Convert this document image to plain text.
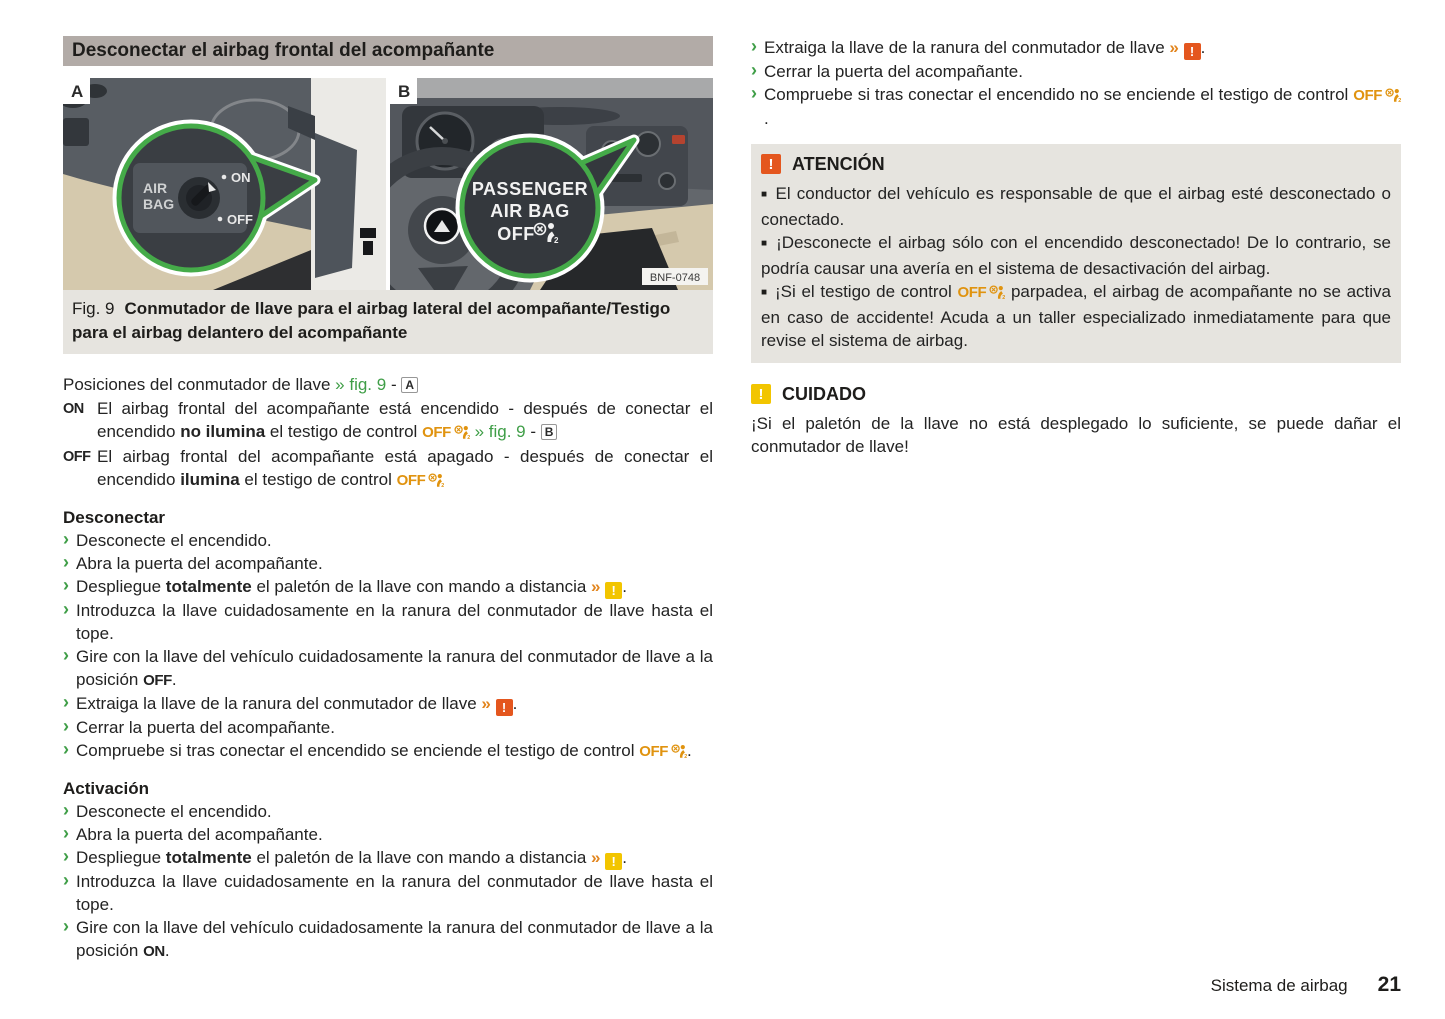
Desconectar el airbag frontal del acompañante
AIR
BAG
ON
OFF
A
PASSENGER
AIR BAG
OFF 2
BNF-0748
B
Fig. 9 Conmutador de llave para el airbag lateral del acompañante/Testigo para el airbag delantero del acompañante

Posiciones del conmutador de llave » fig. 9 - A

ON El airbag frontal del acompañante está encendido - después de conectar el encendido no ilumina el testigo de control OFF	2 » fig. 9 - B
OFF El airbag frontal del acompañante está apagado - después de conectar el encendido ilumina el testigo de control OFF	2
Desconectar
› Desconecte el encendido.
› Abra la puerta del acompañante.
› Despliegue totalmente el paletón de la llave con mando a distancia » !.
› Introduzca la llave cuidadosamente en la ranura del conmutador de llave hasta el tope.
› Gire con la llave del vehículo cuidadosamente la ranura del conmutador de llave a la posición OFF.
› Extraiga la llave de la ranura del conmutador de llave » !.
› Cerrar la puerta del acompañante.
› Compruebe si tras conectar el encendido se enciende el testigo de control OFF	2 .
Activación
› Desconecte el encendido.
› Abra la puerta del acompañante.
› Despliegue totalmente el paletón de la llave con mando a distancia » !.
› Introduzca la llave cuidadosamente en la ranura del conmutador de llave hasta el tope.
› Gire con la llave del vehículo cuidadosamente la ranura del conmutador de llave a la posición ON.
› Extraiga la llave de la ranura del conmutador de llave » !.
› Cerrar la puerta del acompañante.
› Compruebe si tras conectar el encendido no se enciende el testigo de control OFF	2
.
!
ATENCIÓN
■ El conductor del vehículo es responsable de que el airbag esté desconectado o conectado.
■ ¡Desconecte el airbag sólo con el encendido desconectado! De lo contrario, se podría causar una avería en el sistema de desactivación del airbag.
■ ¡Si el testigo de control OFF	2 parpadea, el airbag de acompañante no se activa en caso de accidente! Acuda a un taller especializado inmediatamente para que revise el sistema de airbag.
!
CUIDADO

¡Si el paletón de la llave no está desplegado lo suficiente, se puede dañar el conmutador de llave!

Sistema de airbag 21
